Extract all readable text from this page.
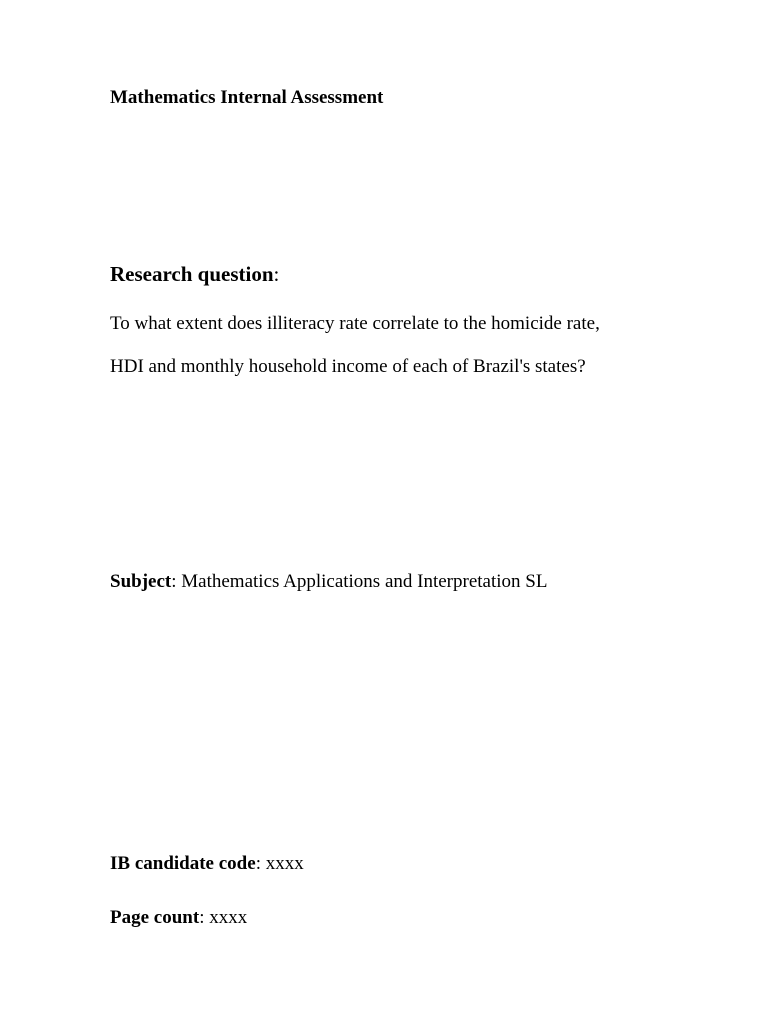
Mathematics Internal Assessment
Research question:
To what extent does illiteracy rate correlate to the homicide rate,
HDI and monthly household income of each of Brazil's states?
Subject: Mathematics Applications and Interpretation SL
IB candidate code: xxxx
Page count: xxxx
